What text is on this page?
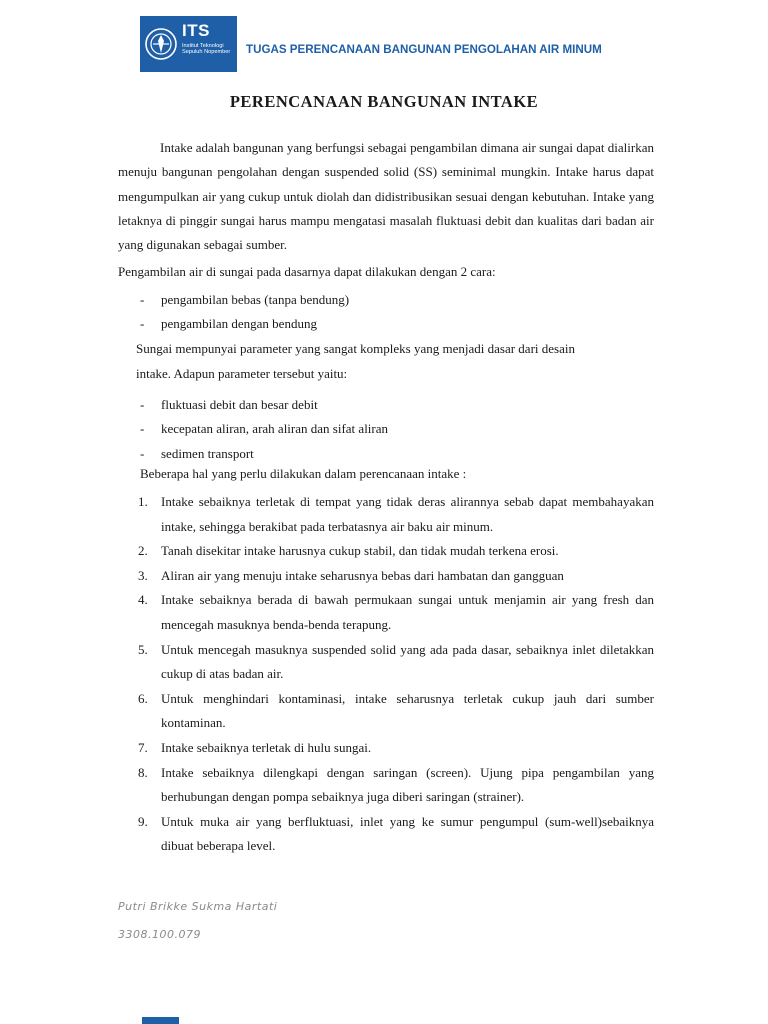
ITS
Institut Teknologi Sepuluh Nopember	TUGAS PERENCANAAN BANGUNAN PENGOLAHAN AIR MINUM
PERENCANAAN BANGUNAN INTAKE

Intake adalah bangunan yang berfungsi sebagai pengambilan dimana air sungai dapat dialirkan menuju bangunan pengolahan dengan suspended solid (SS) seminimal mungkin. Intake harus dapat mengumpulkan air yang cukup untuk diolah dan didistribusikan sesuai dengan kebutuhan. Intake yang letaknya di pinggir sungai harus mampu mengatasi masalah fluktuasi debit dan kualitas dari badan air yang digunakan sebagai sumber.

Pengambilan air di sungai pada dasarnya dapat dilakukan dengan 2 cara:
- pengambilan bebas (tanpa bendung)
- pengambilan dengan bendung
Sungai mempunyai parameter yang sangat kompleks yang menjadi dasar dari desain
intake. Adapun parameter tersebut yaitu:
- fluktuasi debit dan besar debit
- kecepatan aliran, arah aliran dan sifat aliran
- sedimen transport
Beberapa hal yang perlu dilakukan dalam perencanaan intake :
1. Intake sebaiknya terletak di tempat yang tidak deras alirannya sebab dapat membahayakan intake, sehingga berakibat pada terbatasnya air baku air minum.
2. Tanah disekitar intake harusnya cukup stabil, dan tidak mudah terkena erosi.
3. Aliran air yang menuju intake seharusnya bebas dari hambatan dan gangguan
4. Intake sebaiknya berada di bawah permukaan sungai untuk menjamin air yang fresh dan mencegah masuknya benda-benda terapung.
5. Untuk mencegah masuknya suspended solid yang ada pada dasar, sebaiknya inlet diletakkan cukup di atas badan air.
6. Untuk menghindari kontaminasi, intake seharusnya terletak cukup jauh dari sumber kontaminan.
7. Intake sebaiknya terletak di hulu sungai.
8. Intake sebaiknya dilengkapi dengan saringan (screen). Ujung pipa pengambilan yang berhubungan dengan pompa sebaiknya juga diberi saringan (strainer).
9. Untuk muka air yang berfluktuasi, inlet yang ke sumur pengumpul (sum-well)sebaiknya dibuat beberapa level.
Putri Brikke Sukma Hartati
3308.100.079
